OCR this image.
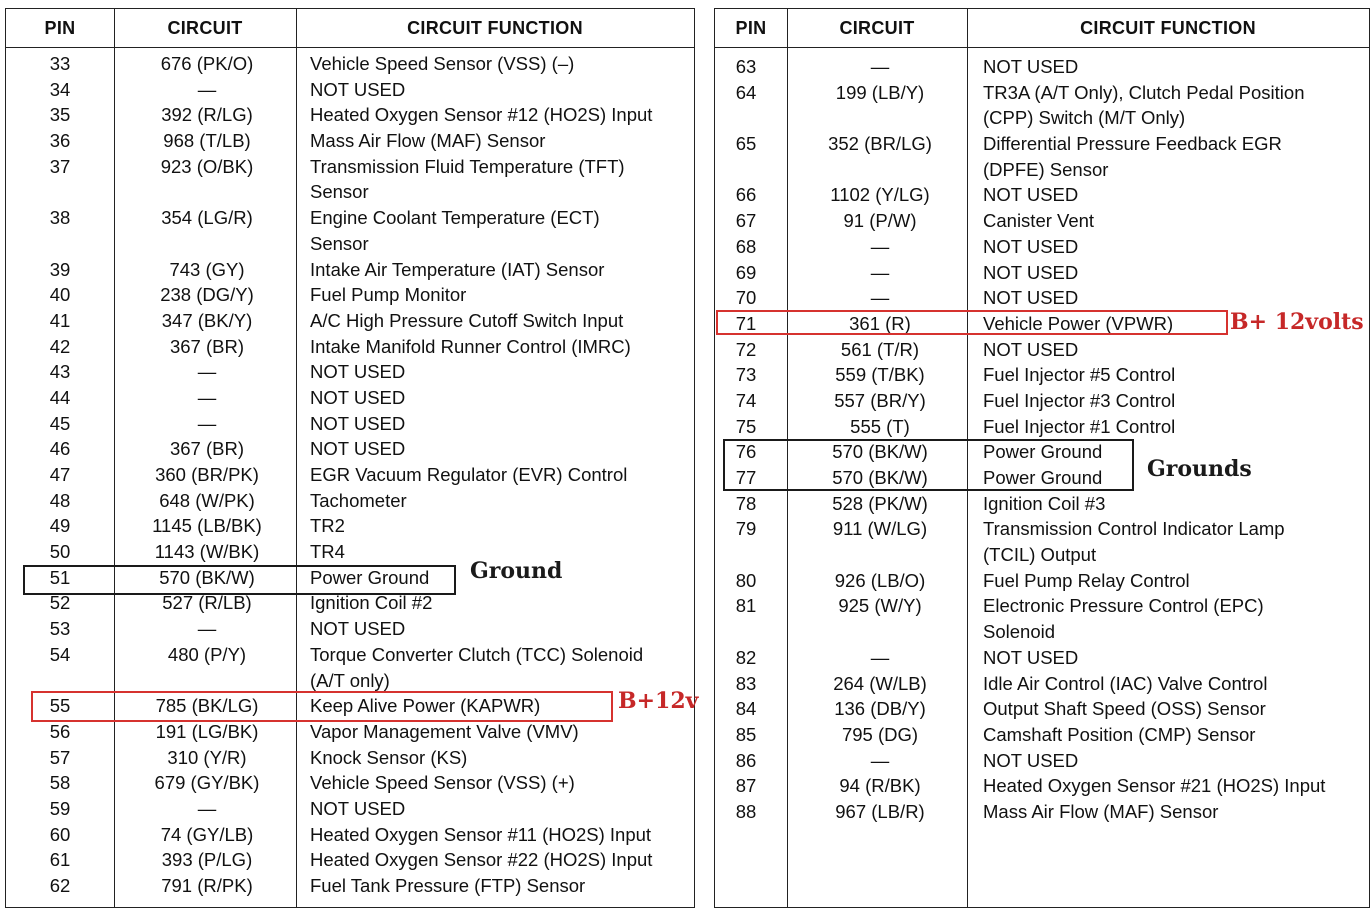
PIN	CIRCUIT	CIRCUIT FUNCTION
33	676 (PK/O)	Vehicle Speed Sensor (VSS) (–)
34	—	NOT USED
35	392 (R/LG)	Heated Oxygen Sensor #12 (HO2S) Input
36	968 (T/LB)	Mass Air Flow (MAF) Sensor
37	923 (O/BK)	Transmission Fluid Temperature (TFT)
Sensor
38	354 (LG/R)	Engine Coolant Temperature (ECT)
Sensor
39	743 (GY)	Intake Air Temperature (IAT) Sensor
40	238 (DG/Y)	Fuel Pump Monitor
41	347 (BK/Y)	A/C High Pressure Cutoff Switch Input
42	367 (BR)	Intake Manifold Runner Control (IMRC)
43	—	NOT USED
44	—	NOT USED
45	—	NOT USED
46	367 (BR)	NOT USED
47	360 (BR/PK)	EGR Vacuum Regulator (EVR) Control
48	648 (W/PK)	Tachometer
49	1145 (LB/BK)	TR2
50	1143 (W/BK)	TR4
51	570 (BK/W)	Power Ground
52	527 (R/LB)	Ignition Coil #2
53	—	NOT USED
54	480 (P/Y)	Torque Converter Clutch (TCC) Solenoid
(A/T only)
55	785 (BK/LG)	Keep Alive Power (KAPWR)
56	191 (LG/BK)	Vapor Management Valve (VMV)
57	310 (Y/R)	Knock Sensor (KS)
58	679 (GY/BK)	Vehicle Speed Sensor (VSS) (+)
59	—	NOT USED
60	74 (GY/LB)	Heated Oxygen Sensor #11 (HO2S) Input
61	393 (P/LG)	Heated Oxygen Sensor #22 (HO2S) Input
62	791 (R/PK)	Fuel Tank Pressure (FTP) Sensor
PIN	CIRCUIT	CIRCUIT FUNCTION
63	—	NOT USED
64	199 (LB/Y)	TR3A (A/T Only), Clutch Pedal Position
(CPP) Switch (M/T Only)
65	352 (BR/LG)	Differential Pressure Feedback EGR
(DPFE) Sensor
66	1102 (Y/LG)	NOT USED
67	91 (P/W)	Canister Vent
68	—	NOT USED
69	—	NOT USED
70	—	NOT USED
71	361 (R)	Vehicle Power (VPWR)
72	561 (T/R)	NOT USED
73	559 (T/BK)	Fuel Injector #5 Control
74	557 (BR/Y)	Fuel Injector #3 Control
75	555 (T)	Fuel Injector #1 Control
76	570 (BK/W)	Power Ground
77	570 (BK/W)	Power Ground
78	528 (PK/W)	Ignition Coil #3
79	911 (W/LG)	Transmission Control Indicator Lamp
(TCIL) Output
80	926 (LB/O)	Fuel Pump Relay Control
81	925 (W/Y)	Electronic Pressure Control (EPC)
Solenoid
82	—	NOT USED
83	264 (W/LB)	Idle Air Control (IAC) Valve Control
84	136 (DB/Y)	Output Shaft Speed (OSS) Sensor
85	795 (DG)	Camshaft Position (CMP) Sensor
86	—	NOT USED
87	94 (R/BK)	Heated Oxygen Sensor #21 (HO2S) Input
88	967 (LB/R)	Mass Air Flow (MAF) Sensor
Ground
B+12v
B+ 12volts
Grounds
